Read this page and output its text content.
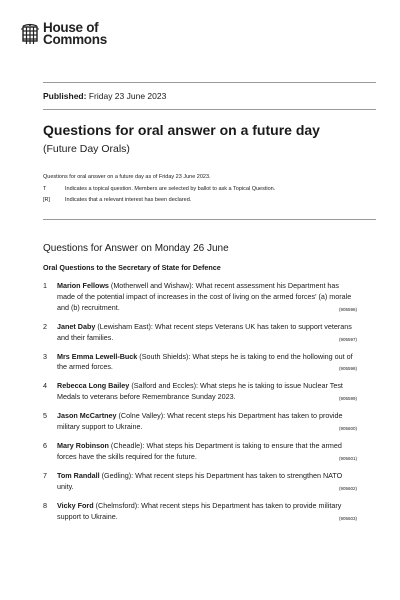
House of
Commons
Published: Friday 23 June 2023
Questions for oral answer on a future day
(Future Day Orals)
Questions for oral answer on a future day as of Friday 23 June 2023.
T	Indicates a topical question. Members are selected by ballot to ask a Topical Question.
[R]	Indicates that a relevant interest has been declared.
Questions for Answer on Monday 26 June
Oral Questions to the Secretary of State for Defence
1	Marion Fellows (Motherwell and Wishaw): What recent assessment his Department has made of the potential impact of increases in the cost of living on the armed forces' (a) morale and (b) recruitment.	(905596)
2	Janet Daby (Lewisham East): What recent steps Veterans UK has taken to support veterans and their families.	(905597)
3	Mrs Emma Lewell-Buck (South Shields): What steps he is taking to end the hollowing out of the armed forces.	(905598)
4	Rebecca Long Bailey (Salford and Eccles): What steps he is taking to issue Nuclear Test Medals to veterans before Remembrance Sunday 2023.	(905599)
5	Jason McCartney (Colne Valley): What recent steps his Department has taken to provide military support to Ukraine.	(905600)
6	Mary Robinson (Cheadle): What steps his Department is taking to ensure that the armed forces have the skills required for the future.	(905601)
7	Tom Randall (Gedling): What recent steps his Department has taken to strengthen NATO unity.	(905602)
8	Vicky Ford (Chelmsford): What recent steps his Department has taken to provide military support to Ukraine.	(905603)
